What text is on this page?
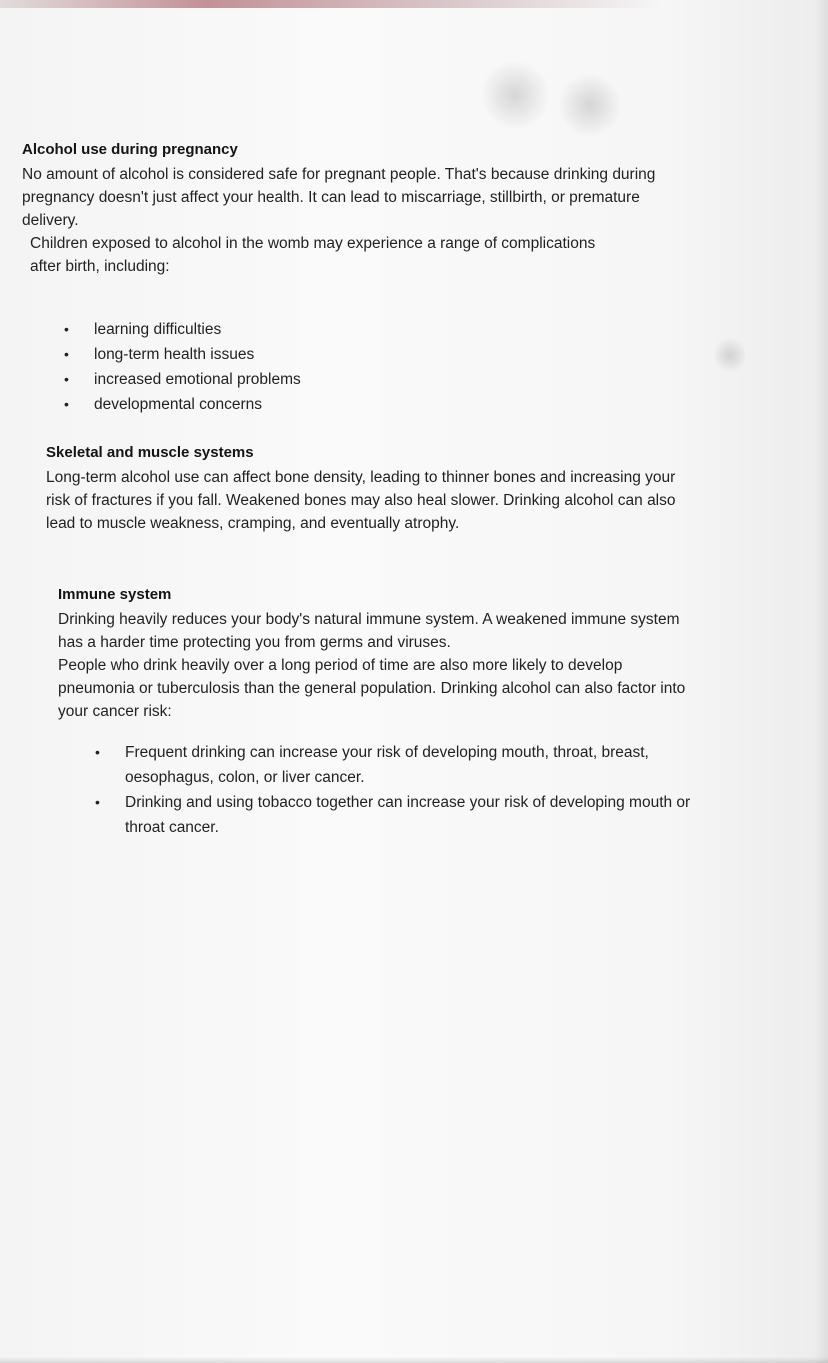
Alcohol use during pregnancy

No amount of alcohol is considered safe for pregnant people. That's because drinking during pregnancy doesn't just affect your health. It can lead to miscarriage, stillbirth, or premature delivery.

Children exposed to alcohol in the womb may experience a range of complications after birth, including:

• learning difficulties
• long-term health issues
• increased emotional problems
• developmental concerns
Skeletal and muscle systems

Long-term alcohol use can affect bone density, leading to thinner bones and increasing your risk of fractures if you fall. Weakened bones may also heal slower. Drinking alcohol can also lead to muscle weakness, cramping, and eventually atrophy.

Immune system

Drinking heavily reduces your body's natural immune system. A weakened immune system has a harder time protecting you from germs and viruses.

People who drink heavily over a long period of time are also more likely to develop pneumonia or tuberculosis than the general population. Drinking alcohol can also factor into your cancer risk:

• Frequent drinking can increase your risk of developing mouth, throat, breast, oesophagus, colon, or liver cancer.
• Drinking and using tobacco together can increase your risk of developing mouth or throat cancer.
